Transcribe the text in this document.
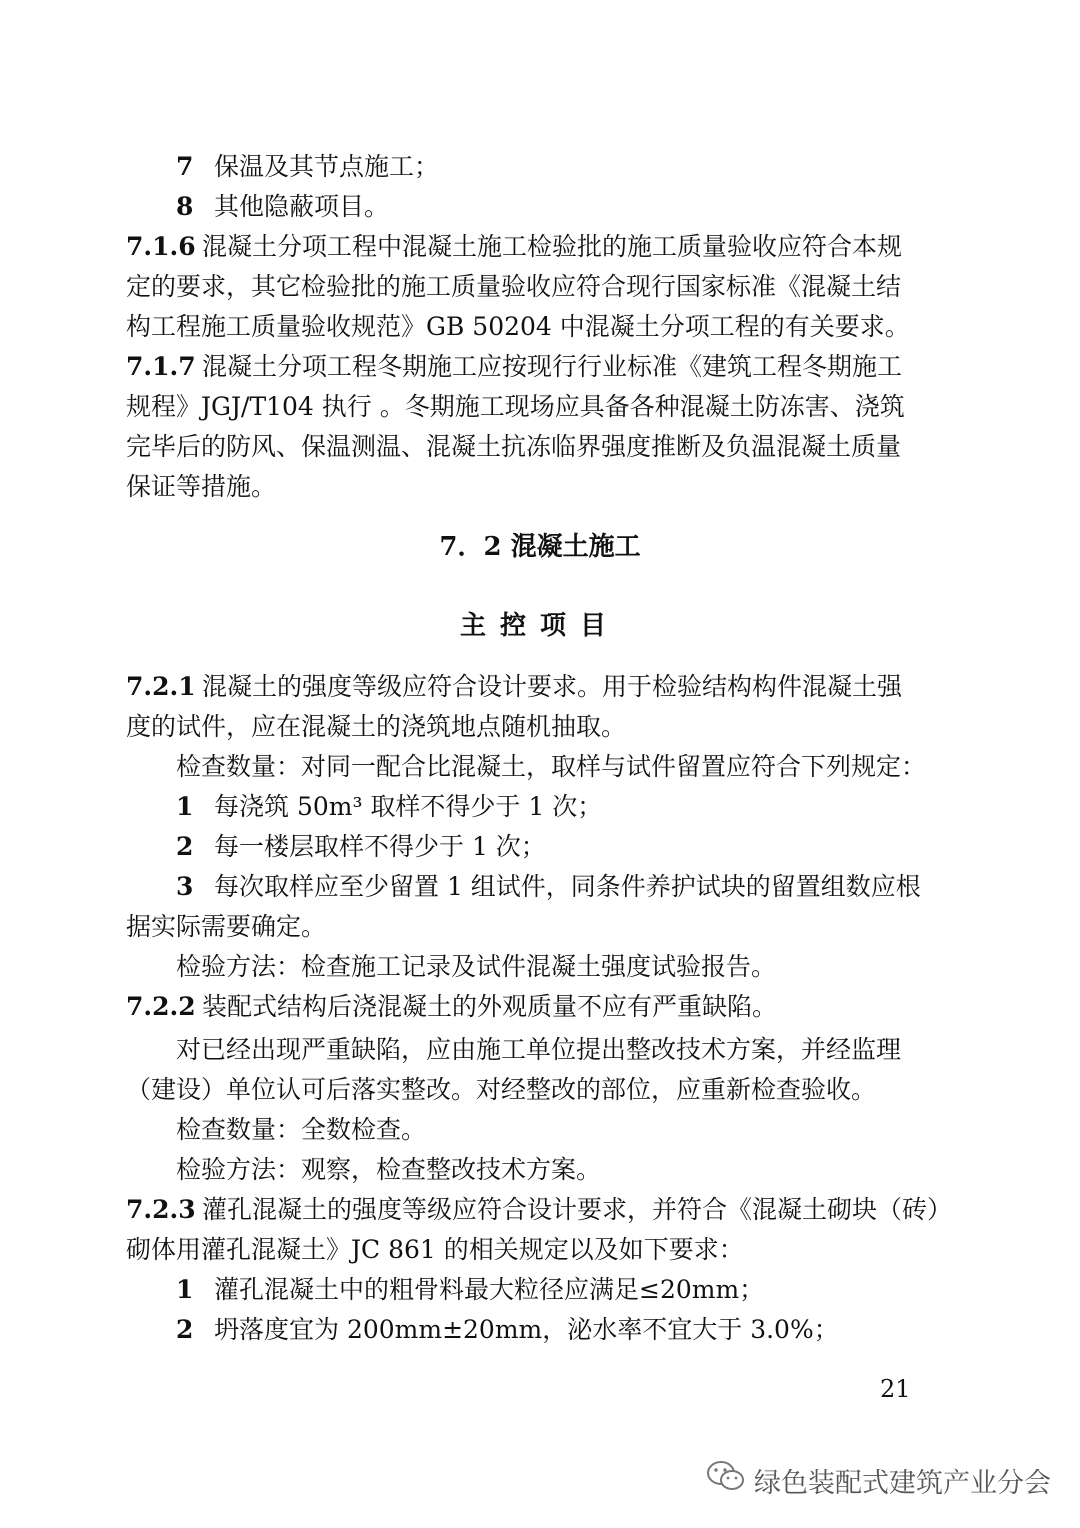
7 保温及其节点施工；
8 其他隐蔽项目。
7.1.6 混凝土分项工程中混凝土施工检验批的施工质量验收应符合本规
定的要求，其它检验批的施工质量验收应符合现行国家标准《混凝土结
构工程施工质量验收规范》GB 50204 中混凝土分项工程的有关要求。
7.1.7 混凝土分项工程冬期施工应按现行行业标准《建筑工程冬期施工
规程》JGJ/T104 执行 。冬期施工现场应具备各种混凝土防冻害、浇筑
完毕后的防风、保温测温、混凝土抗冻临界强度推断及负温混凝土质量
保证等措施。
7．2 混凝土施工
主控项目
7.2.1 混凝土的强度等级应符合设计要求。用于检验结构构件混凝土强
度的试件，应在混凝土的浇筑地点随机抽取。
检查数量：对同一配合比混凝土，取样与试件留置应符合下列规定：
1 每浇筑 50m³ 取样不得少于 1 次；
2 每一楼层取样不得少于 1 次；
3 每次取样应至少留置 1 组试件，同条件养护试块的留置组数应根
据实际需要确定。
检验方法：检查施工记录及试件混凝土强度试验报告。
7.2.2 装配式结构后浇混凝土的外观质量不应有严重缺陷。
对已经出现严重缺陷，应由施工单位提出整改技术方案，并经监理
（建设）单位认可后落实整改。对经整改的部位，应重新检查验收。
检查数量：全数检查。
检验方法：观察，检查整改技术方案。
7.2.3 灌孔混凝土的强度等级应符合设计要求，并符合《混凝土砌块（砖）
砌体用灌孔混凝土》JC 861 的相关规定以及如下要求：
1 灌孔混凝土中的粗骨料最大粒径应满足≤20mm；
2 坍落度宜为 200mm±20mm，泌水率不宜大于 3.0%；
21
绿色装配式建筑产业分会
